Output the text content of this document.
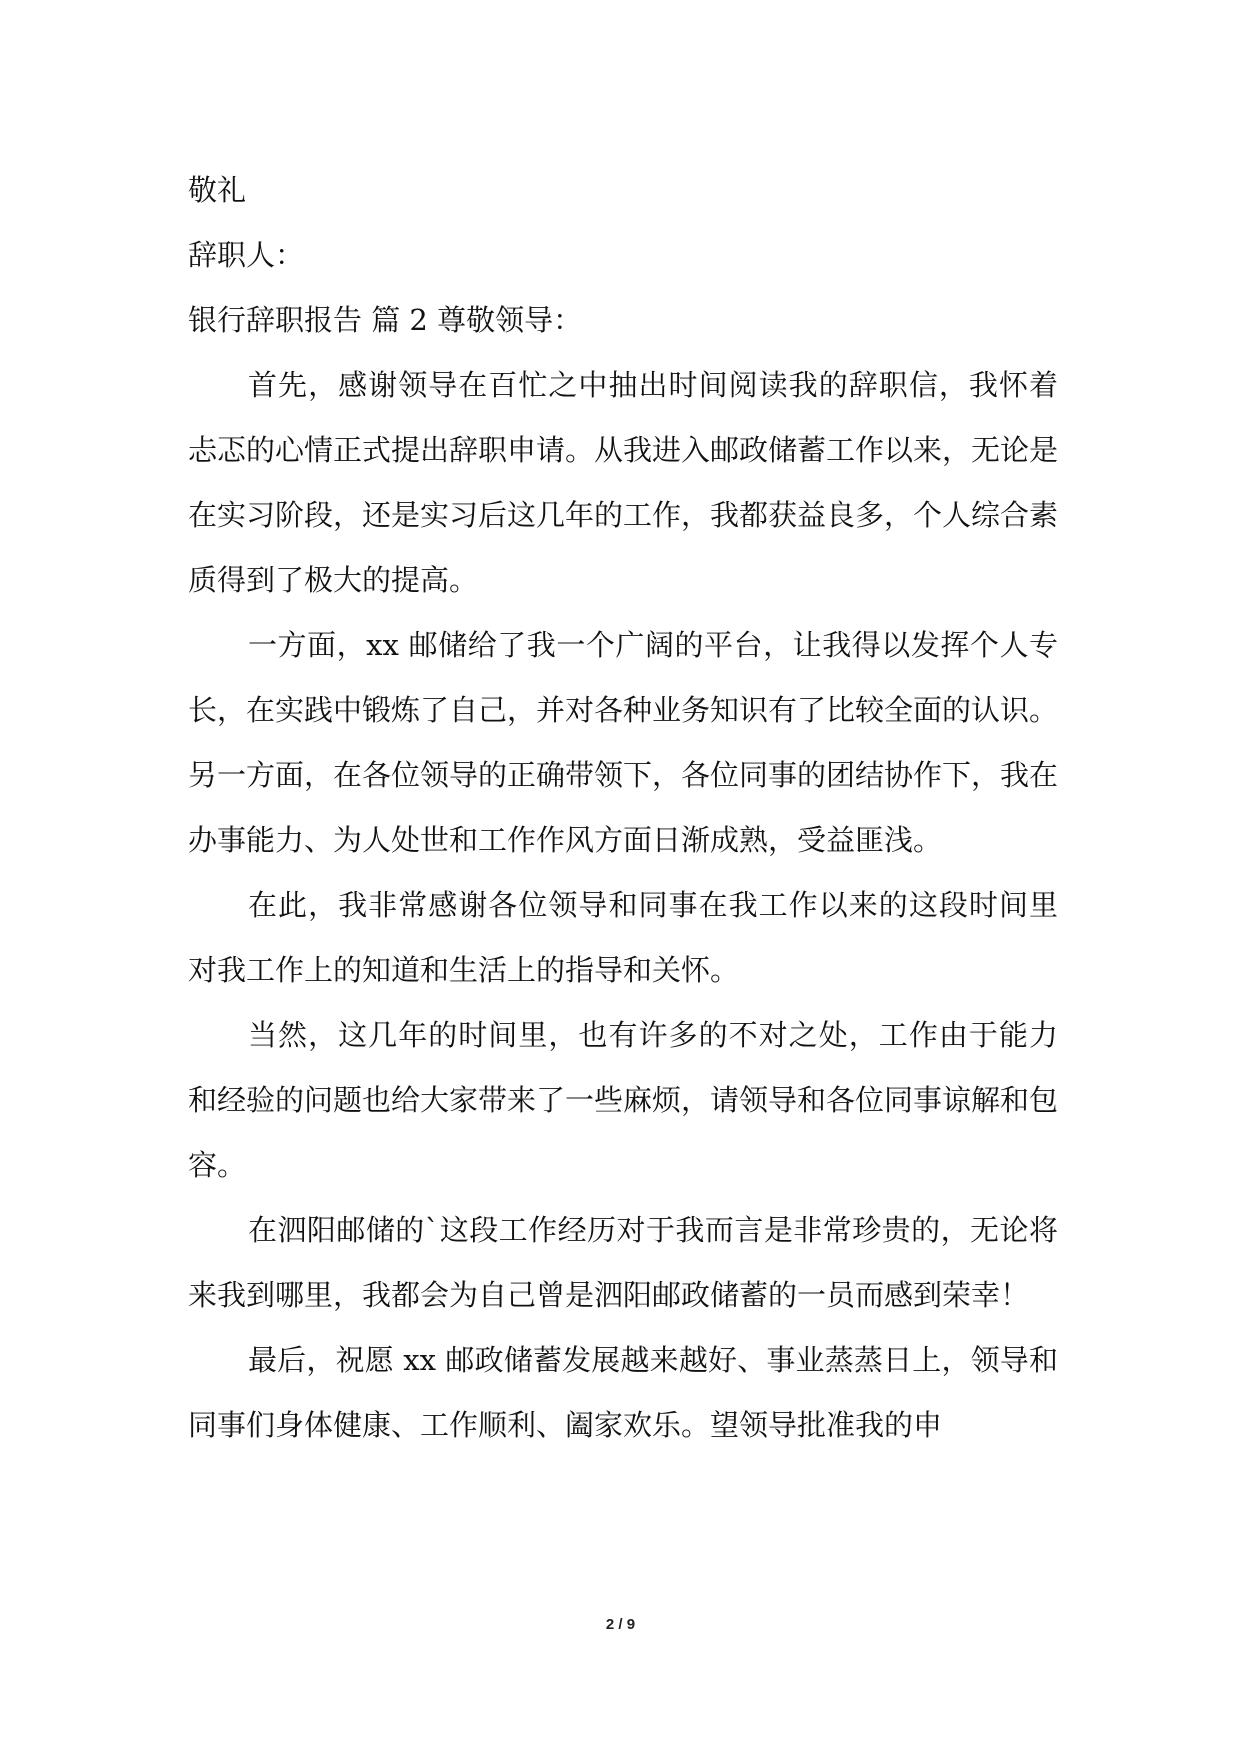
敬礼

辞职人：

银行辞职报告 篇 2 尊敬领导：

首先，感谢领导在百忙之中抽出时间阅读我的辞职信，我怀着忐忑的心情正式提出辞职申请。从我进入邮政储蓄工作以来，无论是在实习阶段，还是实习后这几年的工作，我都获益良多，个人综合素质得到了极大的提高。

一方面，xx 邮储给了我一个广阔的平台，让我得以发挥个人专长，在实践中锻炼了自己，并对各种业务知识有了比较全面的认识。另一方面，在各位领导的正确带领下，各位同事的团结协作下，我在办事能力、为人处世和工作作风方面日渐成熟，受益匪浅。

在此，我非常感谢各位领导和同事在我工作以来的这段时间里对我工作上的知道和生活上的指导和关怀。

当然，这几年的时间里，也有许多的不对之处，工作由于能力和经验的问题也给大家带来了一些麻烦，请领导和各位同事谅解和包容。

在泗阳邮储的`这段工作经历对于我而言是非常珍贵的，无论将来我到哪里，我都会为自己曾是泗阳邮政储蓄的一员而感到荣幸！

最后，祝愿 xx 邮政储蓄发展越来越好、事业蒸蒸日上，领导和同事们身体健康、工作顺利、阖家欢乐。望领导批准我的申

2 / 9
